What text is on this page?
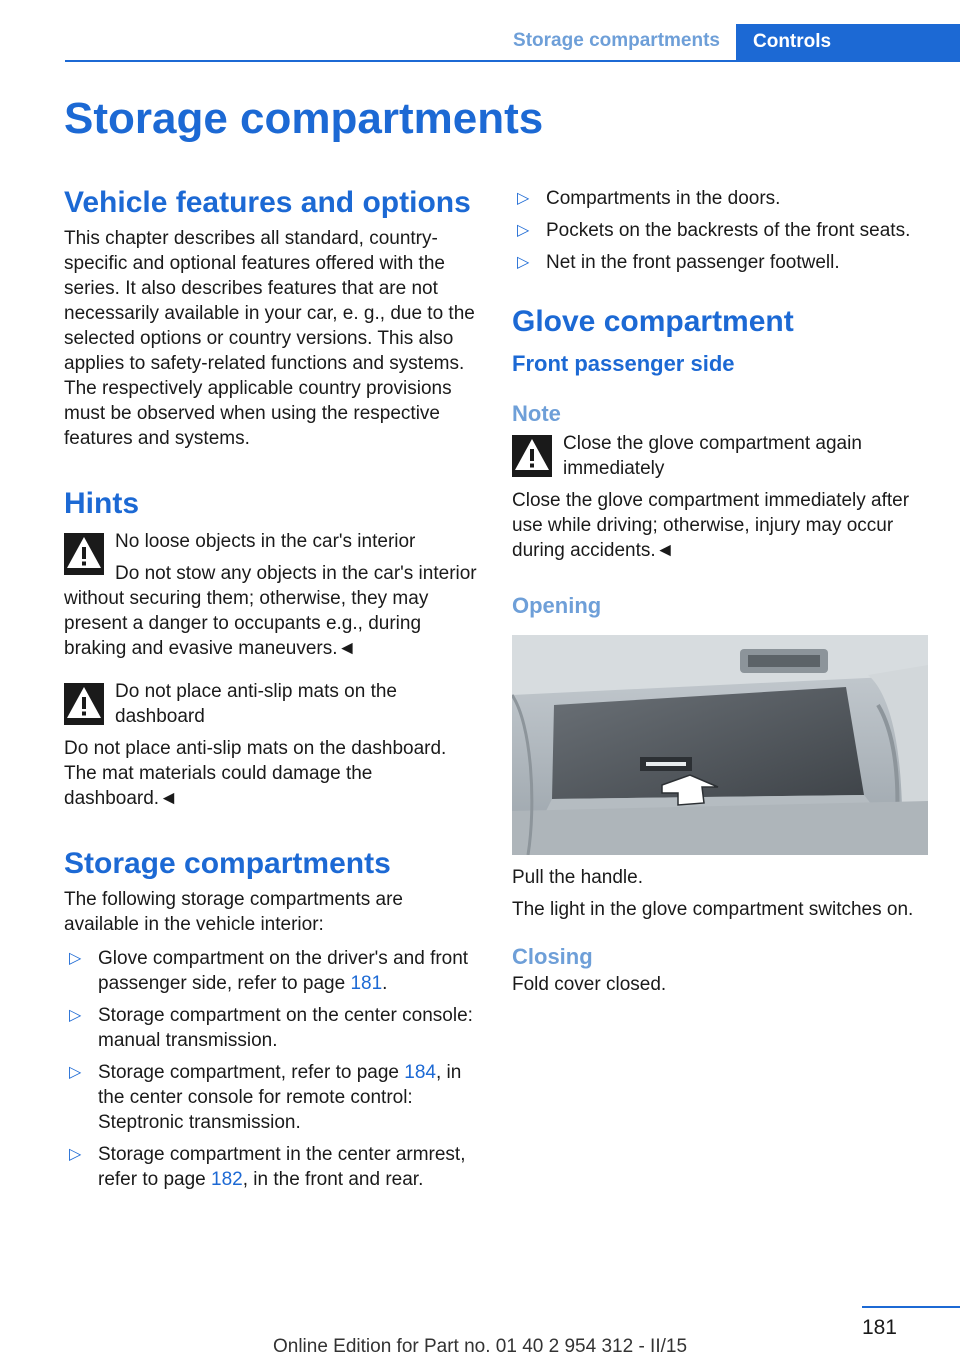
Storage compartments	Controls
Storage compartments
Vehicle features and options

This chapter describes all standard, country-specific and optional features offered with the series. It also describes features that are not necessarily available in your car, e. g., due to the selected options or country versions. This also applies to safety-related functions and systems. The respectively applicable country provisions must be observed when using the respective features and systems.

Hints
No loose objects in the car's interior

Do not stow any objects in the car's interior without securing them; otherwise, they may present a danger to occupants e.g., during braking and evasive maneuvers.◄

Do not place anti-slip mats on the dashboard

Do not place anti-slip mats on the dashboard. The mat materials could damage the dashboard.◄

Storage compartments

The following storage compartments are available in the vehicle interior:

▷ Glove compartment on the driver's and front passenger side, refer to page 181.
▷ Storage compartment on the center console: manual transmission.
▷ Storage compartment, refer to page 184, in the center console for remote control: Steptronic transmission.
▷ Storage compartment in the center armrest, refer to page 182, in the front and rear.
▷ Compartments in the doors.
▷ Pockets on the backrests of the front seats.
▷ Net in the front passenger footwell.
Glove compartment
Front passenger side
Note
Close the glove compartment again immediately

Close the glove compartment immediately after use while driving; otherwise, injury may occur during accidents.◄

Opening

Pull the handle.

The light in the glove compartment switches on.

Closing

Fold cover closed.

181
Online Edition for Part no. 01 40 2 954 312 - II/15
